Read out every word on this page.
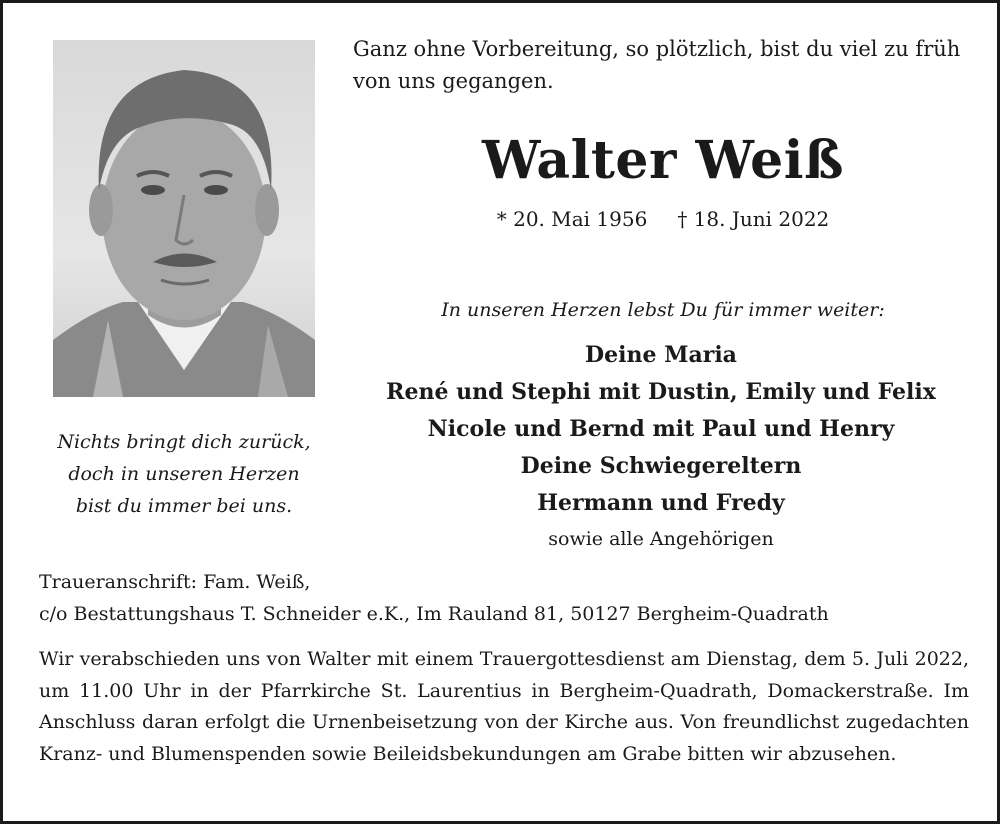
Ganz ohne Vorbereitung, so plötzlich, bist du viel zu früh
von uns gegangen.
Walter Weiß
* 20. Mai 1956 † 18. Juni 2022
In unseren Herzen lebst Du für immer weiter:
Deine Maria
René und Stephi mit Dustin, Emily und Felix
Nicole und Bernd mit Paul und Henry
Deine Schwiegereltern
Hermann und Fredy
sowie alle Angehörigen
Nichts bringt dich zurück,
doch in unseren Herzen
bist du immer bei uns.
Traueranschrift: Fam. Weiß,
c/o Bestattungshaus T. Schneider e.K., Im Rauland 81, 50127 Bergheim-Quadrath
Wir verabschieden uns von Walter mit einem Trauergottesdienst am Dienstag, dem 5. Juli 2022, um 11.00 Uhr in der Pfarrkirche St. Laurentius in Bergheim-Quadrath, Domackerstraße. Im Anschluss daran erfolgt die Urnenbeisetzung von der Kirche aus. Von freundlichst zugedachten Kranz- und Blumenspenden sowie Beileidsbekundungen am Grabe bitten wir abzusehen.
